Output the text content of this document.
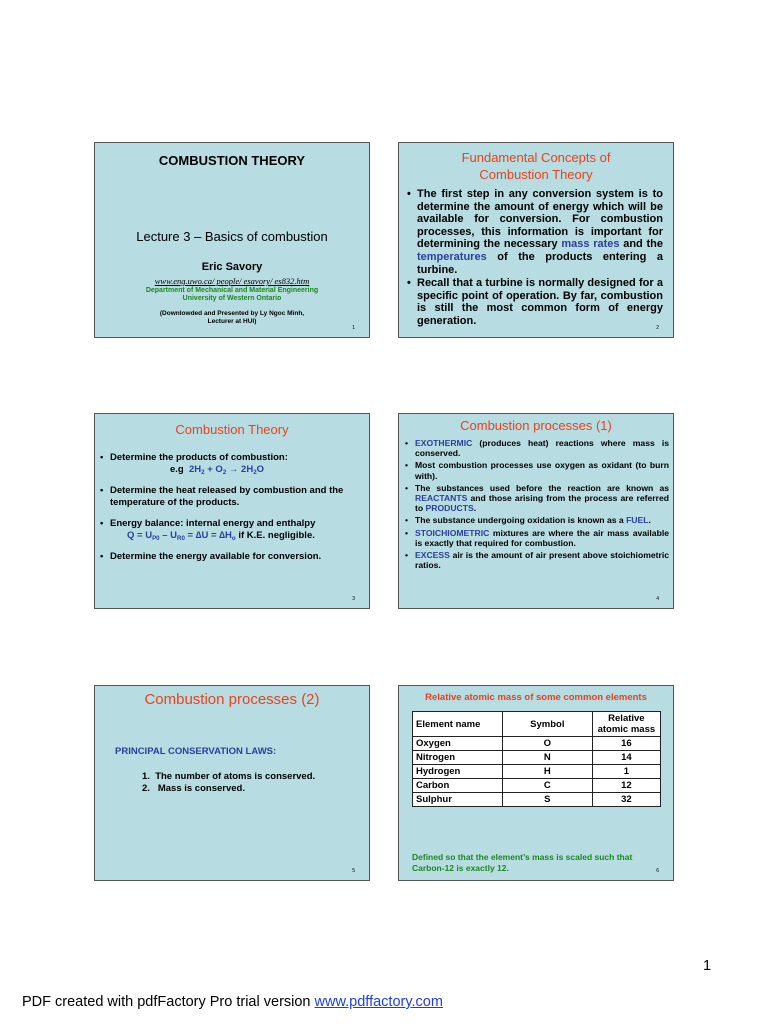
COMBUSTION THEORY
Lecture 3 – Basics of combustion
Eric Savory
www.eng.uwo.ca/ people/ esavory/ es832.htm
Department of Mechanical and Material Engineering
University of Western Ontario
(Downlowded and Presented by Ly Ngoc Minh,
Lecturer at HUI)
1
Fundamental Concepts of
Combustion Theory
• The first step in any conversion system is to determine the amount of energy which will be available for conversion. For combustion processes, this information is important for determining the necessary mass rates and the temperatures of the products entering a turbine.
• Recall that a turbine is normally designed for a specific point of operation. By far, combustion is still the most common form of energy generation.
2
Combustion Theory
• Determine the products of combustion:
e.g $2H_2 + O_2 \to 2H_2O$
• Determine the heat released by combustion and the temperature of the products.
• Energy balance: internal energy and enthalpy
$Q = U_{P0} - U_{R0} = \Delta U = \Delta H_o$ if K.E. negligible.
• Determine the energy available for conversion.
3
Combustion processes (1)
• EXOTHERMIC (produces heat) reactions where mass is conserved.
• Most combustion processes use oxygen as oxidant (to burn with).
• The substances used before the reaction are known as REACTANTS and those arising from the process are referred to PRODUCTS.
• The substance undergoing oxidation is known as a FUEL.
• STOICHIOMETRIC mixtures are where the air mass available is exactly that required for combustion.
• EXCESS air is the amount of air present above stoichiometric ratios.
4
Combustion processes (2)
PRINCIPAL CONSERVATION LAWS:
1.  The number of atoms is conserved.
2.   Mass is conserved.
5
Relative atomic mass of some common elements
Element name	Symbol	Relative atomic mass
Oxygen	O	16
Nitrogen	N	14
Hydrogen	H	1
Carbon	C	12
Sulphur	S	32
Defined so that the element’s mass is scaled such that Carbon-12 is exactly 12.	6
1
PDF created with pdfFactory Pro trial version www.pdffactory.com
